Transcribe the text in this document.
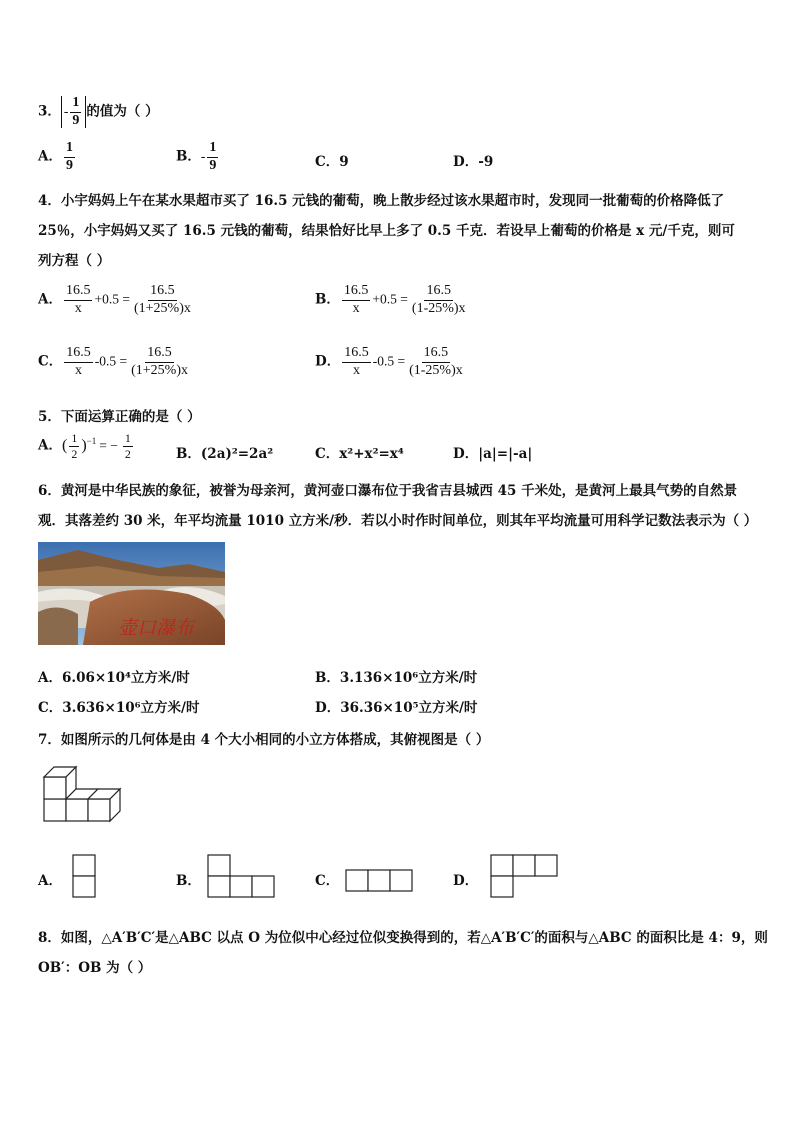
3． - $\frac{1}{9}$ 的值为（ ）
A． $\frac{1}{9}$	B．- $\frac{1}{9}$	C．9	D．-9
4．小宇妈妈上午在某水果超市买了 16.5 元钱的葡萄，晚上散步经过该水果超市时，发现同一批葡萄的价格降低了
25％，小宇妈妈又买了 16.5 元钱的葡萄，结果恰好比早上多了 0.5 千克．若设早上葡萄的价格是 x 元/千克，则可
列方程（ ）
A． $\frac{16.5}{x} +0.5 = \frac{16.5}{(1+25\%)x}$	B． $\frac{16.5}{x} +0.5 = \frac{16.5}{(1-25\%)x}$
C． $\frac{16.5}{x} -0.5 = \frac{16.5}{(1+25\%)x}$	D． $\frac{16.5}{x} -0.5 = \frac{16.5}{(1-25\%)x}$
5．下面运算正确的是（ ）
A．( $\frac{1}{2} )^{-1}$ = − $\frac{1}{2}$	B．(2a)²=2a²	C．x²+x²=x⁴	D．|a|=|-a|
6．黄河是中华民族的象征，被誉为母亲河，黄河壶口瀑布位于我省吉县城西 45 千米处，是黄河上最具气势的自然景
观．其落差约 30 米，年平均流量 1010 立方米/秒．若以小时作时间单位，则其年平均流量可用科学记数法表示为（ ）
壶口瀑布
A．6.06×10⁴立方米/时	B．3.136×10⁶立方米/时
C．3.636×10⁶立方米/时	D．36.36×10⁵立方米/时
7．如图所示的几何体是由 4 个大小相同的小立方体搭成，其俯视图是（ ）
A．	B．	C．	D．
8．如图，△A′B′C′是△ABC 以点 O 为位似中心经过位似变换得到的，若△A′B′C′的面积与△ABC 的面积比是 4：9，则
OB′：OB 为（ ）
